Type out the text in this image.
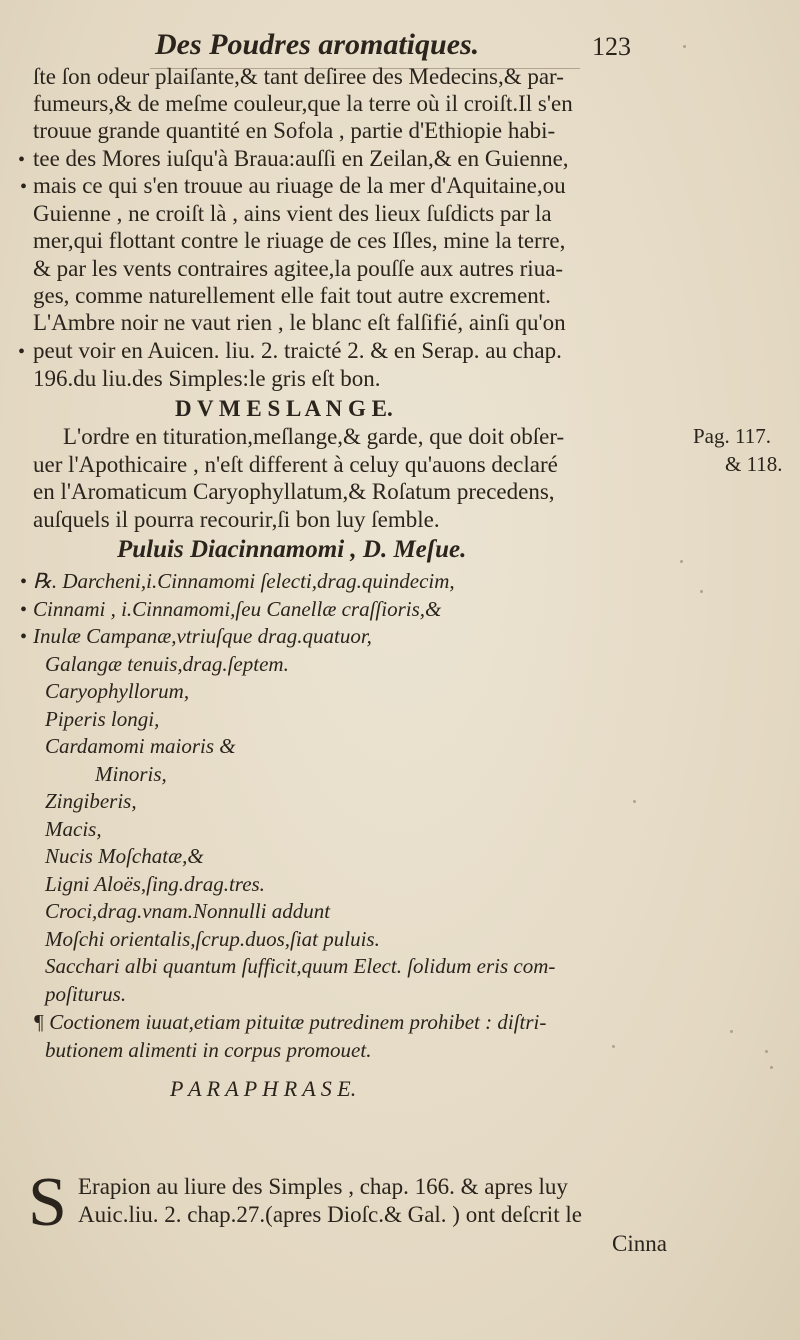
Des Poudres aromatiques.	123
ſte ſon odeur plaiſante,& tant deſiree des Medecins,& par-
fumeurs,& de meſme couleur,que la terre où il croiſt.Il s'en
trouue grande quantité en Sofola , partie d'Ethiopie habi-
• tee des Mores iuſqu'à Braua:auſſi en Zeilan,& en Guienne,
• mais ce qui s'en trouue au riuage de la mer d'Aquitaine,ou
Guienne , ne croiſt là , ains vient des lieux ſuſdicts par la
mer,qui flottant contre le riuage de ces Iſles, mine la terre,
& par les vents contraires agitee,la pouſſe aux autres riua-
ges, comme naturellement elle fait tout autre excrement.
L'Ambre noir ne vaut rien , le blanc eſt falſifié, ainſi qu'on
• peut voir en Auicen. liu. 2. traicté 2. & en Serap. au chap.
196.du liu.des Simples:le gris eſt bon.
D V M E S L A N G E.
L'ordre en tituration,meſlange,& garde, que doit obſer-
uer l'Apothicaire , n'eſt different à celuy qu'auons declaré
en l'Aromaticum Caryophyllatum,& Roſatum precedens,
auſquels il pourra recourir,ſi bon luy ſemble.
Pag. 117.
& 118.
Puluis Diacinnamomi , D. Meſue.
• ℞. Darcheni,i.Cinnamomi ſelecti,drag.quindecim,
• Cinnami , i.Cinnamomi,ſeu Canellæ craſſioris,&
• Inulæ Campanæ,vtriuſque drag.quatuor,
Galangæ tenuis,drag.ſeptem.
Caryophyllorum,
Piperis longi,
Cardamomi maioris &
Minoris,
Zingiberis,
Macis,
Nucis Moſchatæ,&
Ligni Aloës,ſing.drag.tres.
Croci,drag.vnam.Nonnulli addunt
Moſchi orientalis,ſcrup.duos,ſiat puluis.
Sacchari albi quantum ſufficit,quum Elect. ſolidum eris com-
poſiturus.
¶ Coctionem iuuat,etiam pituitæ putredinem prohibet : diſtri-
butionem alimenti in corpus promouet.
P A R A P H R A S E.
S Erapion au liure des Simples , chap. 166. & apres luy
Auic.liu. 2. chap.27.(apres Dioſc.& Gal. ) ont deſcrit le
Cinna
